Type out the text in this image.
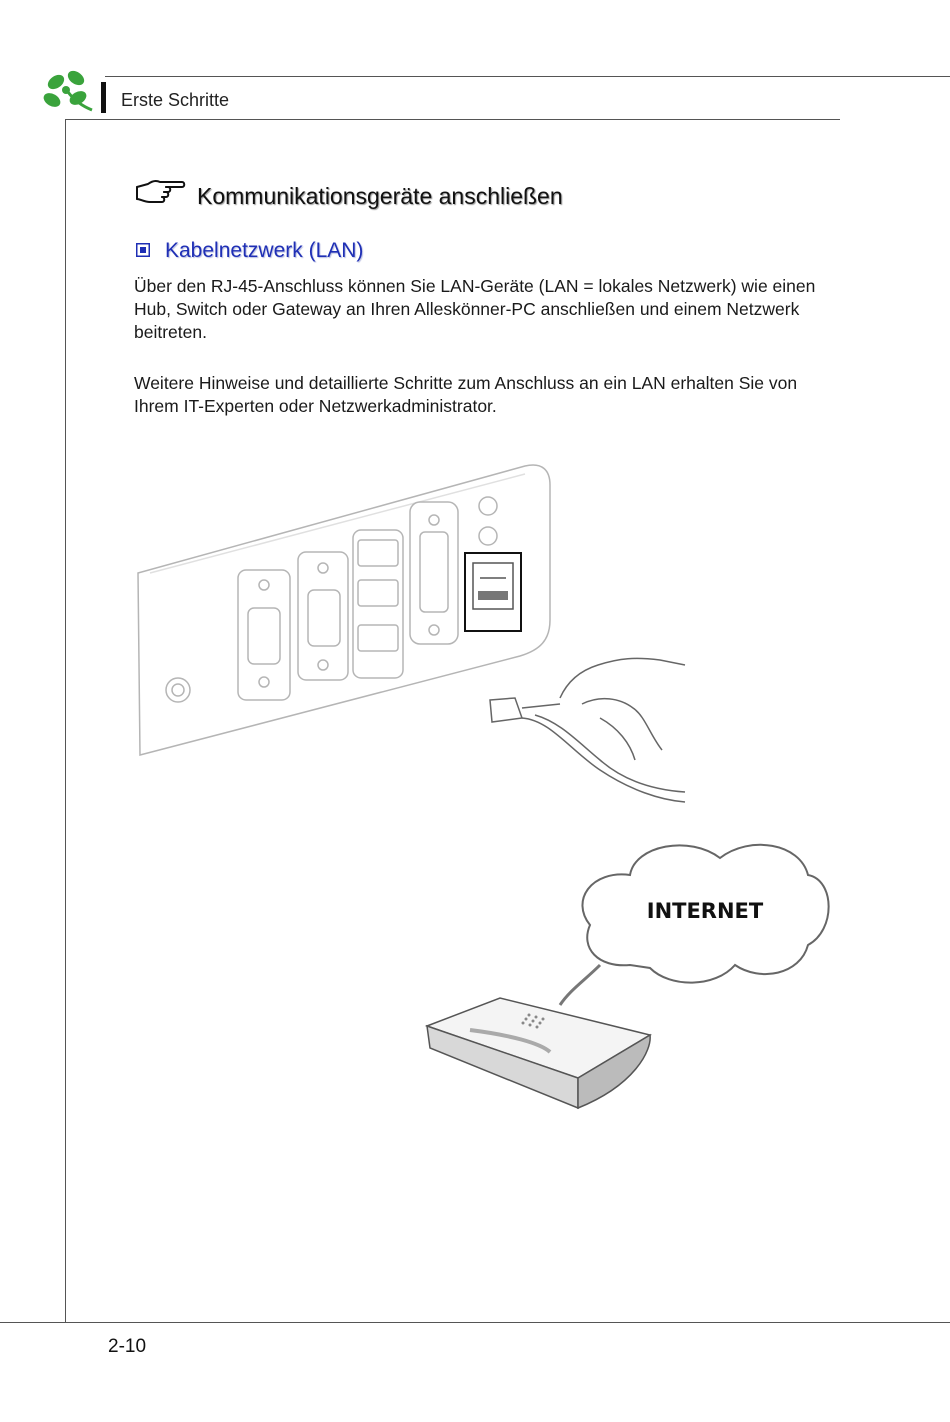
Erste Schritte
Kommunikationsgeräte anschließen
Kabelnetzwerk (LAN)
Über den RJ-45-Anschluss können Sie LAN-Geräte (LAN = lokales Netzwerk) wie einen Hub, Switch oder Gateway an Ihren Alleskönner-PC anschließen und einem Netzwerk beitreten.
Weitere Hinweise und detaillierte Schritte zum Anschluss an ein LAN erhalten Sie von Ihrem IT-Experten oder Netzwerkadministrator.
INTERNET
2-10
